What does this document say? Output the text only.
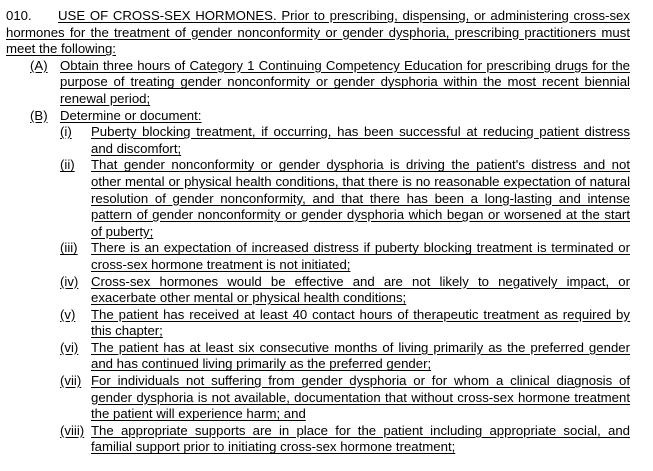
010. USE OF CROSS-SEX HORMONES. Prior to prescribing, dispensing, or administering cross-sex hormones for the treatment of gender nonconformity or gender dysphoria, prescribing practitioners must meet the following:

(A) Obtain three hours of Category 1 Continuing Competency Education for prescribing drugs for the purpose of treating gender nonconformity or gender dysphoria within the most recent biennial renewal period;
(B) Determine or document:
(i)	Puberty blocking treatment, if occurring, has been successful at reducing patient distress and discomfort;
(ii)	That gender nonconformity or gender dysphoria is driving the patient's distress and not other mental or physical health conditions, that there is no reasonable expectation of natural resolution of gender nonconformity, and that there has been a long-lasting and intense pattern of gender nonconformity or gender dysphoria which began or worsened at the start of puberty;
(iii)	There is an expectation of increased distress if puberty blocking treatment is terminated or cross-sex hormone treatment is not initiated;
(iv) Cross-sex hormones would be effective and are not likely to negatively impact, or exacerbate other mental or physical health conditions;
(v)	The patient has received at least 40 contact hours of therapeutic treatment as required by this chapter;
(vi) The patient has at least six consecutive months of living primarily as the preferred gender and has continued living primarily as the preferred gender;
(vii) For individuals not suffering from gender dysphoria or for whom a clinical diagnosis of gender dysphoria is not available, documentation that without cross-sex hormone treatment the patient will experience harm; and
(viii) The appropriate supports are in place for the patient including appropriate social, and familial support prior to initiating cross-sex hormone treatment;
